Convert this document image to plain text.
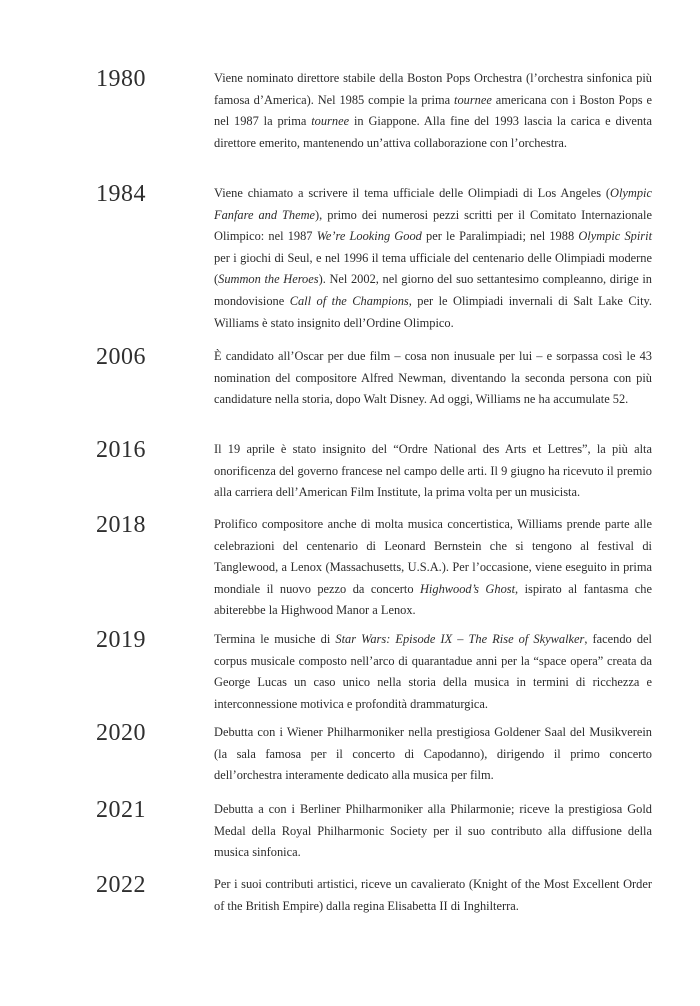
1980	Viene nominato direttore stabile della Boston Pops Orchestra (l’orchestra sinfonica più famosa d’America). Nel 1985 compie la prima tournee americana con i Boston Pops e nel 1987 la prima tournee in Giappone. Alla fine del 1993 lascia la carica e diventa direttore emerito, mantenendo un’attiva collaborazione con l’orchestra.
1984	Viene chiamato a scrivere il tema ufficiale delle Olimpiadi di Los Angeles (Olympic Fanfare and Theme), primo dei numerosi pezzi scritti per il Comitato Internazionale Olimpico: nel 1987 We’re Looking Good per le Paralimpiadi; nel 1988 Olympic Spirit per i giochi di Seul, e nel 1996 il tema ufficiale del centenario delle Olimpiadi moderne (Summon the Heroes). Nel 2002, nel giorno del suo settantesimo compleanno, dirige in mondovisione Call of the Champions, per le Olimpiadi invernali di Salt Lake City. Williams è stato insignito dell’Ordine Olimpico.
2006	È candidato all’Oscar per due film – cosa non inusuale per lui – e sorpassa così le 43 nomination del compositore Alfred Newman, diventando la seconda persona con più candidature nella storia, dopo Walt Disney. Ad oggi, Williams ne ha accumulate 52.
2016	Il 19 aprile è stato insignito del “Ordre National des Arts et Lettres”, la più alta onorificenza del governo francese nel campo delle arti. Il 9 giugno ha ricevuto il premio alla carriera dell’American Film Institute, la prima volta per un musicista.
2018	Prolifico compositore anche di molta musica concertistica, Williams prende parte alle celebrazioni del centenario di Leonard Bernstein che si tengono al festival di Tanglewood, a Lenox (Massachusetts, U.S.A.). Per l’occasione, viene eseguito in prima mondiale il nuovo pezzo da concerto Highwood’s Ghost, ispirato al fantasma che abiterebbe la Highwood Manor a Lenox.
2019	Termina le musiche di Star Wars: Episode IX – The Rise of Skywalker, facendo del corpus musicale composto nell’arco di quarantadue anni per la “space opera” creata da George Lucas un caso unico nella storia della musica in termini di ricchezza e interconnessione motivica e profondità drammaturgica.
2020	Debutta con i Wiener Philharmoniker nella prestigiosa Goldener Saal del Musikverein (la sala famosa per il concerto di Capodanno), dirigendo il primo concerto dell’orchestra interamente dedicato alla musica per film.
2021	Debutta a con i Berliner Philharmoniker alla Philarmonie; riceve la prestigiosa Gold Medal della Royal Philharmonic Society per il suo contributo alla diffusione della musica sinfonica.
2022	Per i suoi contributi artistici, riceve un cavalierato (Knight of the Most Excellent Order of the British Empire) dalla regina Elisabetta II di Inghilterra.
